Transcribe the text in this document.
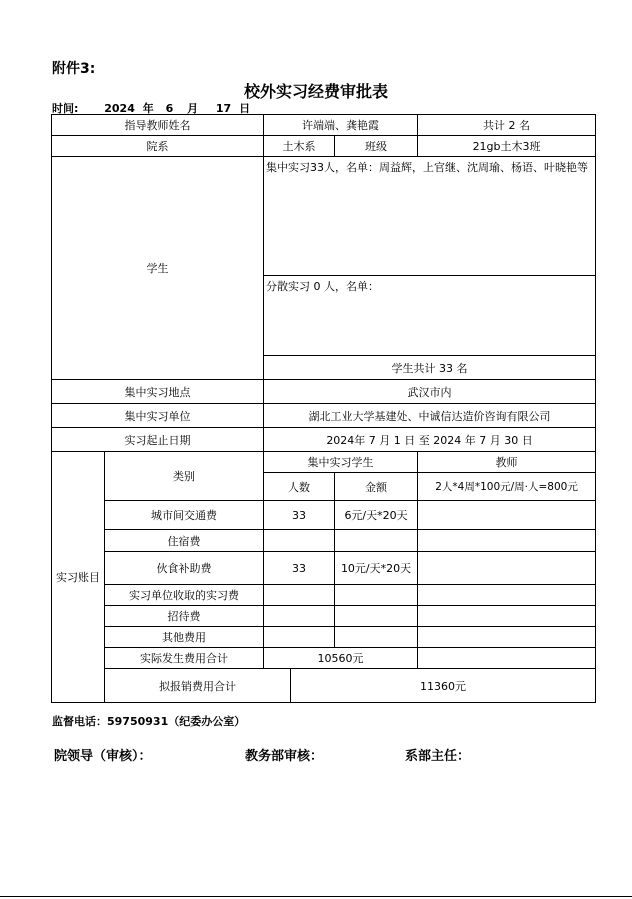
附件3:
校外实习经费审批表
时间: 2024 年 6 月 17 日
指导教师姓名		许端端、龚艳霞			共计 2 名	
院系		土木系		班级	21gb土木3班	
学生		集中实习33人，名单：周益辉，上官继、沈周瑜、杨语、叶晓艳等				
		分散实习 0 人，名单：				
		学生共计 33 名				
集中实习地点		武汉市内				
集中实习单位		湖北工业大学基建处、中诚信达造价咨询有限公司				
实习起止日期		2024年 7 月 1 日 至 2024 年 7 月 30 日				
实习账目	类别	集中实习学生			教师	
		人数		金额	2人*4周*100元/周·人=800元	
	城市间交通费	33		6元/天*20天		
	住宿费					
	伙食补助费	33		10元/天*20天		
	实习单位收取的实习费					
	招待费					
	其他费用					
	实际发生费用合计	10560元				
	拟报销费用合计		11360元			
监督电话：59750931（纪委办公室）
院领导（审核）：	教务部审核：	系部主任：
